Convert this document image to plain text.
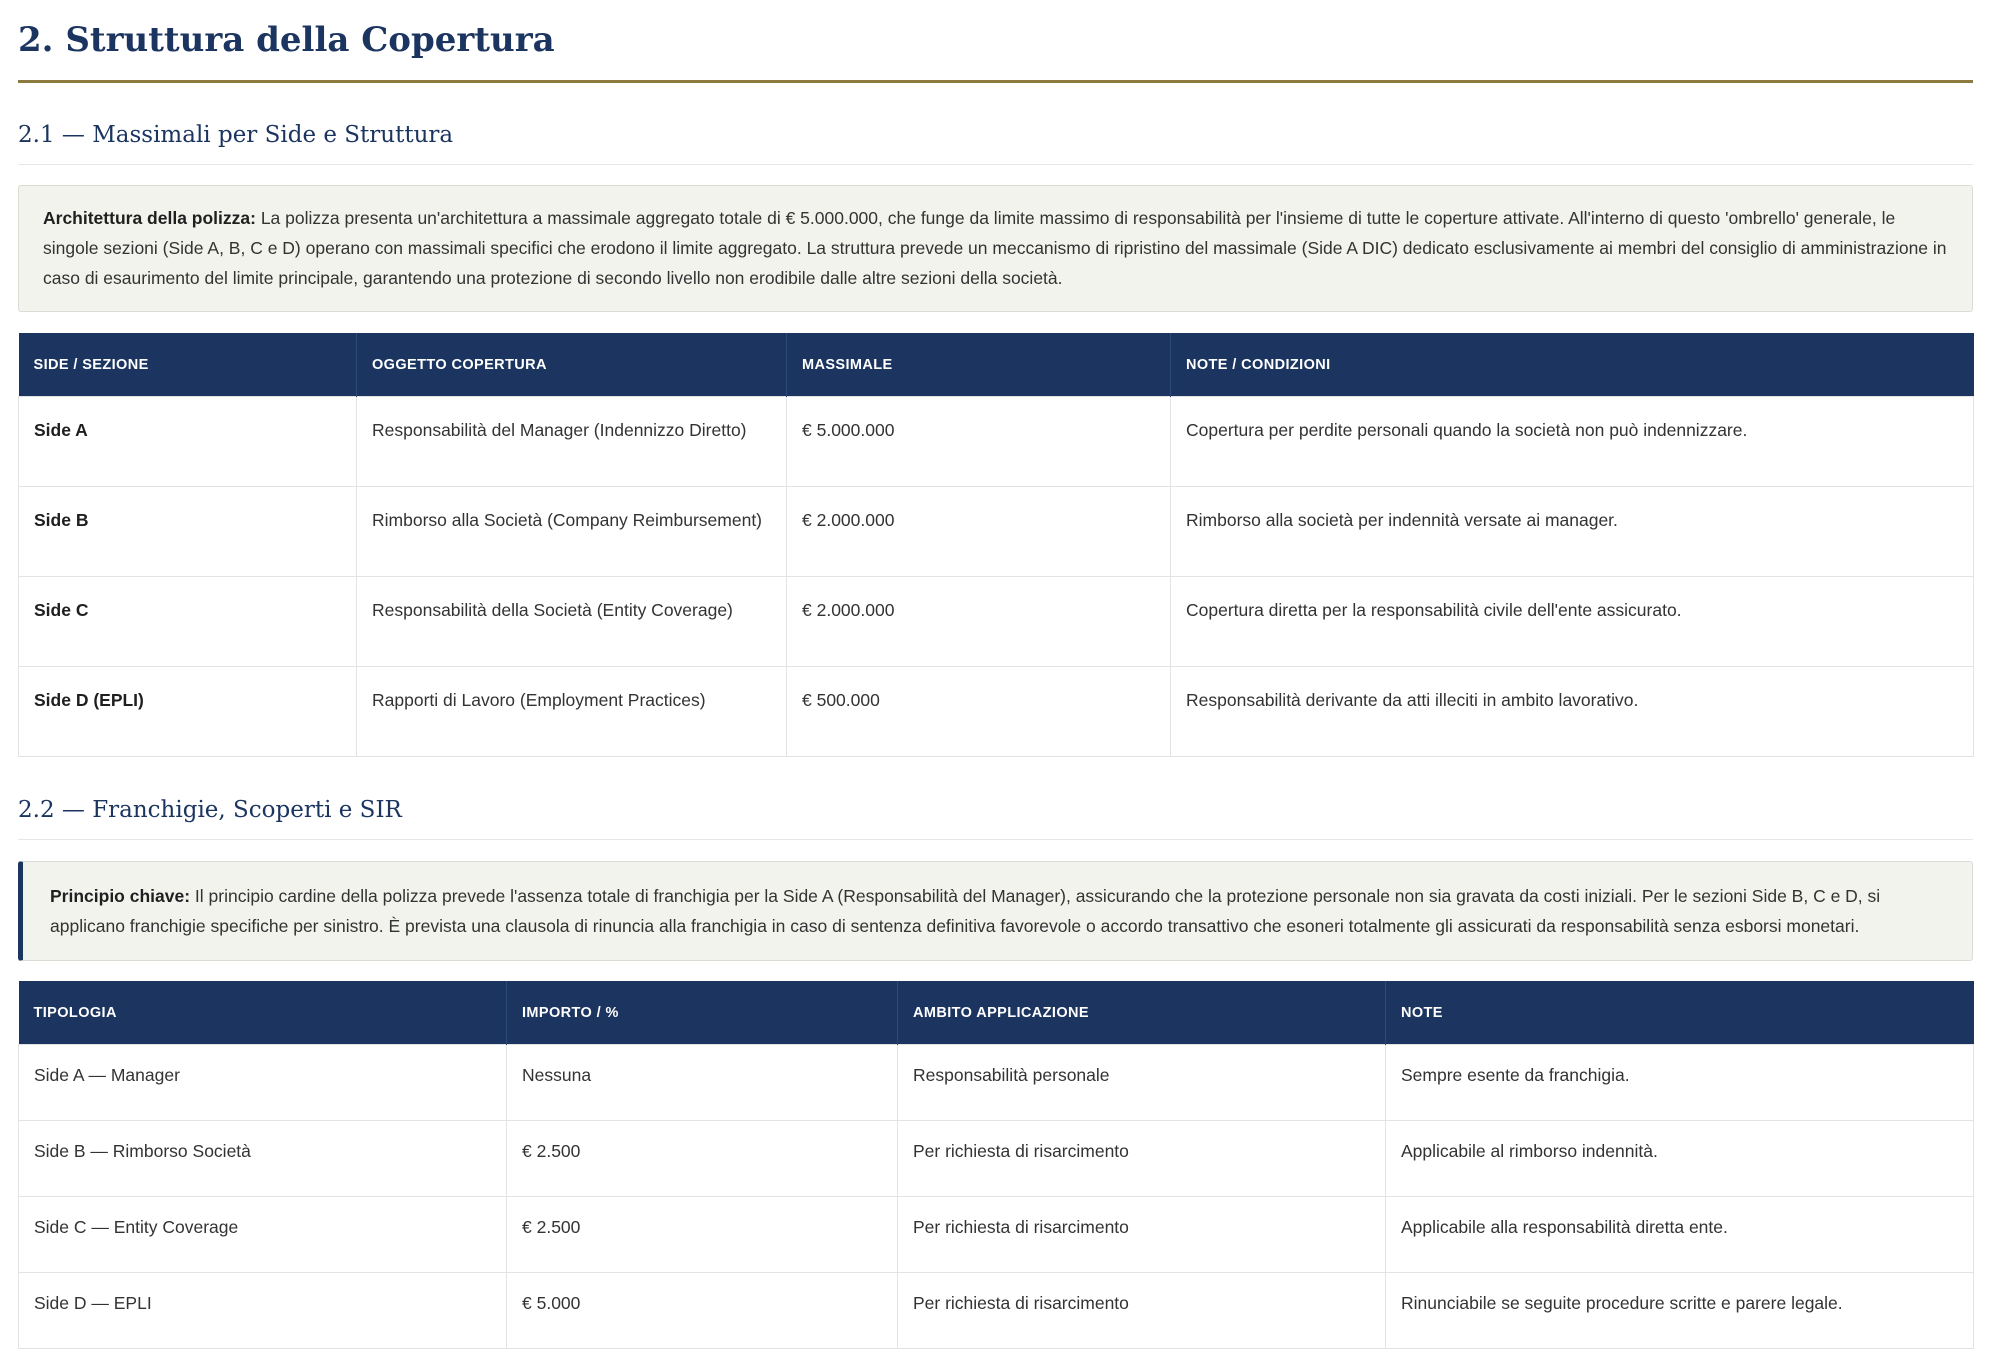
2. Struttura della Copertura
2.1 — Massimali per Side e Struttura
Architettura della polizza: La polizza presenta un'architettura a massimale aggregato totale di € 5.000.000, che funge da limite massimo di responsabilità per l'insieme di tutte le coperture attivate. All'interno di questo 'ombrello' generale, le singole sezioni (Side A, B, C e D) operano con massimali specifici che erodono il limite aggregato. La struttura prevede un meccanismo di ripristino del massimale (Side A DIC) dedicato esclusivamente ai membri del consiglio di amministrazione in caso di esaurimento del limite principale, garantendo una protezione di secondo livello non erodibile dalle altre sezioni della società.
SIDE / SEZIONE	OGGETTO COPERTURA	MASSIMALE	NOTE / CONDIZIONI
Side A	Responsabilità del Manager (Indennizzo Diretto)	€ 5.000.000	Copertura per perdite personali quando la società non può indennizzare.
Side B	Rimborso alla Società (Company Reimbursement)	€ 2.000.000	Rimborso alla società per indennità versate ai manager.
Side C	Responsabilità della Società (Entity Coverage)	€ 2.000.000	Copertura diretta per la responsabilità civile dell'ente assicurato.
Side D (EPLI)	Rapporti di Lavoro (Employment Practices)	€ 500.000	Responsabilità derivante da atti illeciti in ambito lavorativo.
2.2 — Franchigie, Scoperti e SIR
Principio chiave: Il principio cardine della polizza prevede l'assenza totale di franchigia per la Side A (Responsabilità del Manager), assicurando che la protezione personale non sia gravata da costi iniziali. Per le sezioni Side B, C e D, si applicano franchigie specifiche per sinistro. È prevista una clausola di rinuncia alla franchigia in caso di sentenza definitiva favorevole o accordo transattivo che esoneri totalmente gli assicurati da responsabilità senza esborsi monetari.
TIPOLOGIA	IMPORTO / %	AMBITO APPLICAZIONE	NOTE
Side A — Manager	Nessuna	Responsabilità personale	Sempre esente da franchigia.
Side B — Rimborso Società	€ 2.500	Per richiesta di risarcimento	Applicabile al rimborso indennità.
Side C — Entity Coverage	€ 2.500	Per richiesta di risarcimento	Applicabile alla responsabilità diretta ente.
Side D — EPLI	€ 5.000	Per richiesta di risarcimento	Rinunciabile se seguite procedure scritte e parere legale.
